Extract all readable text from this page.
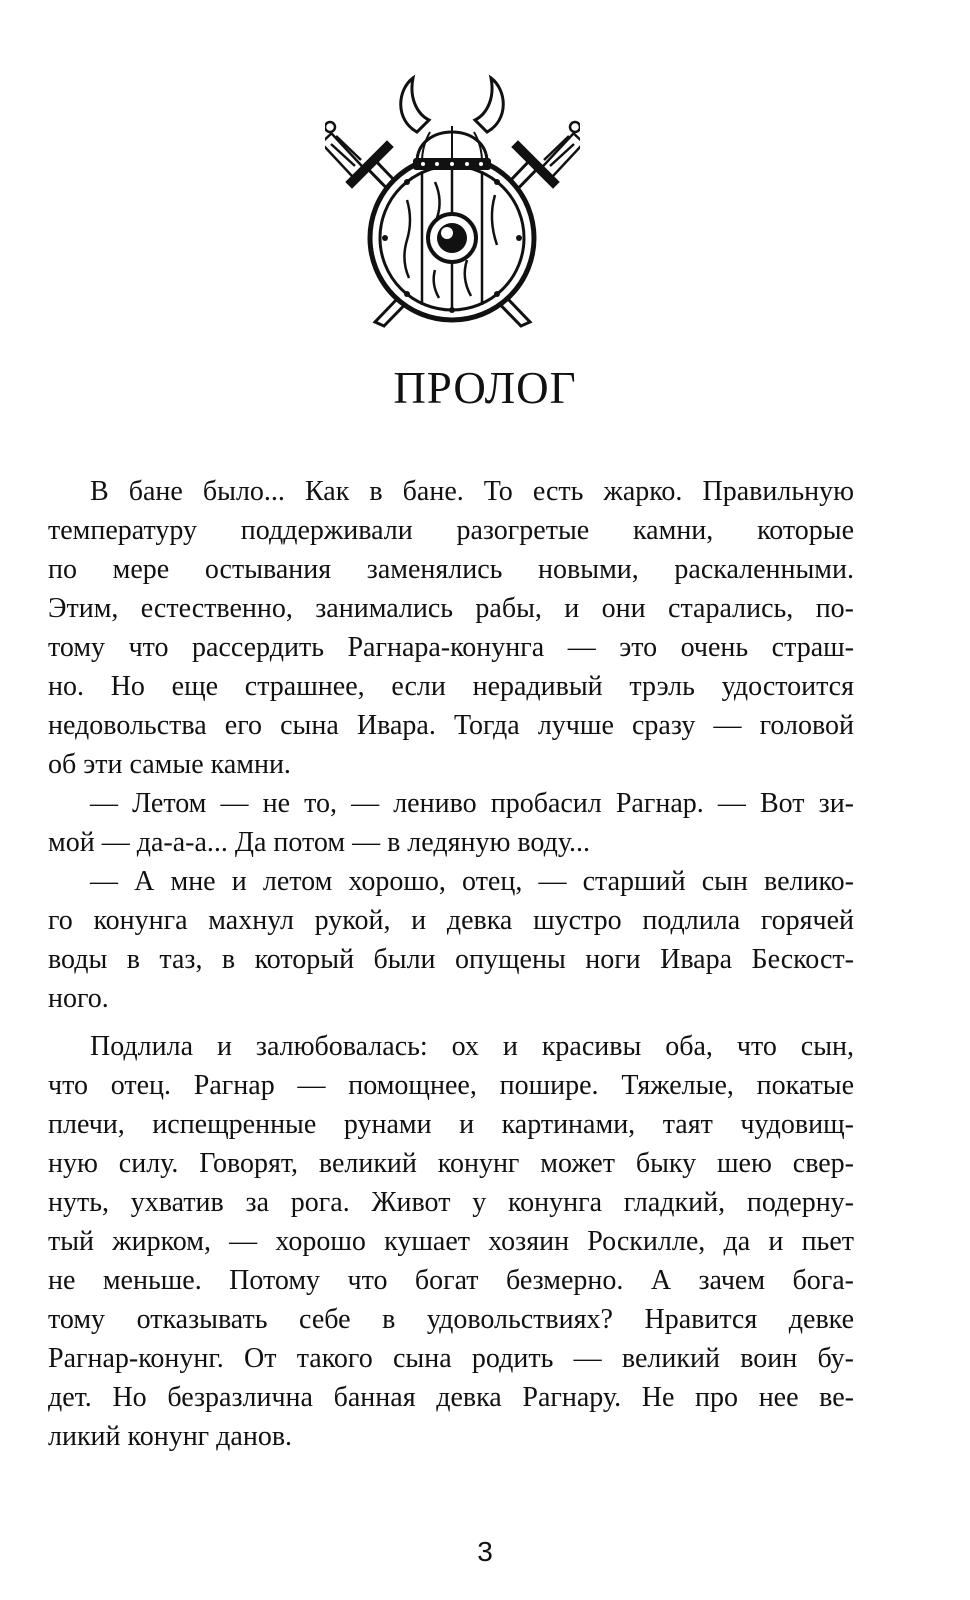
ПРОЛОГ
В бане было... Как в бане. То есть жарко. Правильную
температуру поддерживали разогретые камни, которые
по мере остывания заменялись новыми, раскаленными.
Этим, естественно, занимались рабы, и они старались, по-
тому что рассердить Рагнара-конунга — это очень страш-
но. Но еще страшнее, если нерадивый трэль удостоится
недовольства его сына Ивара. Тогда лучше сразу — головой
об эти самые камни.
— Летом — не то, — лениво пробасил Рагнар. — Вот зи-
мой — да-а-а... Да потом — в ледяную воду...
— А мне и летом хорошо, отец, — старший сын велико-
го конунга махнул рукой, и девка шустро подлила горячей
воды в таз, в который были опущены ноги Ивара Бескост-
ного.
Подлила и залюбовалась: ох и красивы оба, что сын,
что отец. Рагнар — помощнее, пошире. Тяжелые, покатые
плечи, испещренные рунами и картинами, таят чудовищ-
ную силу. Говорят, великий конунг может быку шею свер-
нуть, ухватив за рога. Живот у конунга гладкий, подерну-
тый жирком, — хорошо кушает хозяин Роскилле, да и пьет
не меньше. Потому что богат безмерно. А зачем бога-
тому отказывать себе в удовольствиях? Нравится девке
Рагнар-конунг. От такого сына родить — великий воин бу-
дет. Но безразлична банная девка Рагнару. Не про нее ве-
ликий конунг данов.
3
